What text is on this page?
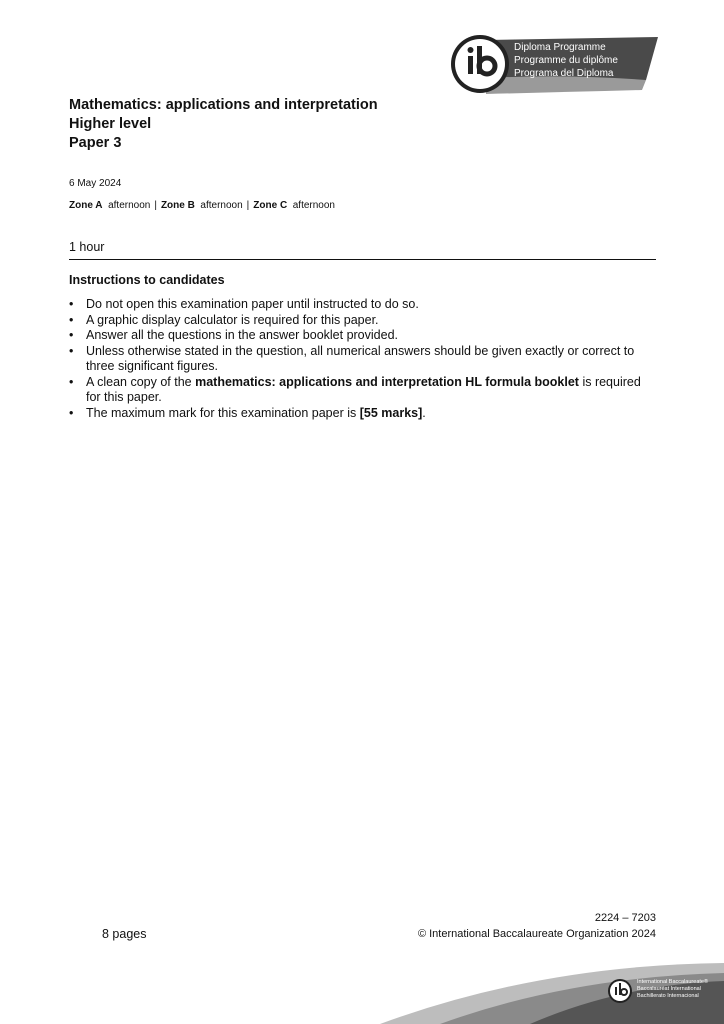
Diploma Programme
Programme du diplôme
Programa del Diploma
Mathematics: applications and interpretation
Higher level
Paper 3
6 May 2024
Zone A afternoon | Zone B afternoon | Zone C afternoon
1 hour
Instructions to candidates
• Do not open this examination paper until instructed to do so.
• A graphic display calculator is required for this paper.
• Answer all the questions in the answer booklet provided.
• Unless otherwise stated in the question, all numerical answers should be given exactly or correct to three significant figures.
• A clean copy of the mathematics: applications and interpretation HL formula booklet is required for this paper.
• The maximum mark for this examination paper is [55 marks].
8 pages
2224 – 7203
© International Baccalaureate Organization 2024
International Baccalaureate®
Baccalauréat International
Bachillerato Internacional
